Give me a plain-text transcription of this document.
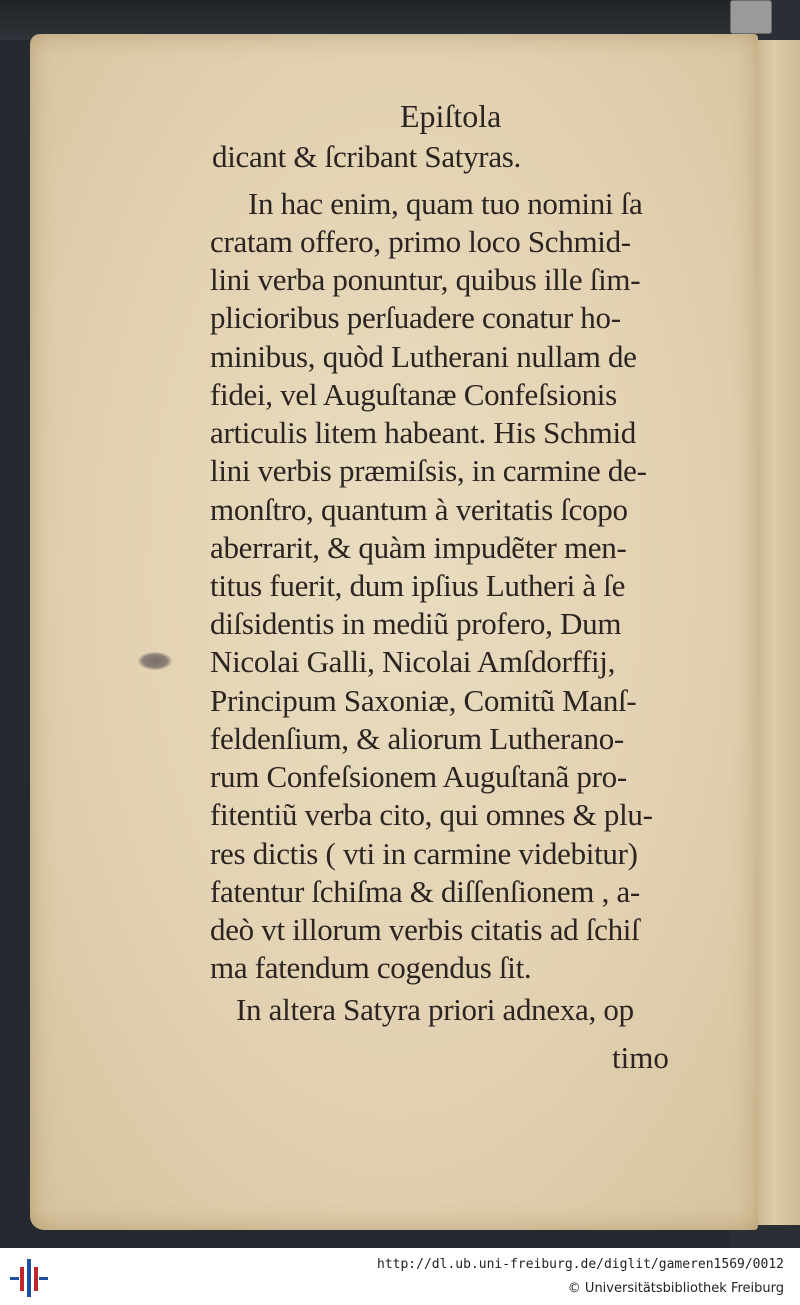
Epiſtola
dicant & ſcribant Satyras.
In hac enim, quam tuo nomini ſa
cratam offero, primo loco Schmid-
lini verba ponuntur, quibus ille ſim-
plicioribus perſuadere conatur ho-
minibus, quòd Lutherani nullam de
fidei, vel Auguſtanæ Confeſsionis
articulis litem habeant. His Schmid
lini verbis præmiſsis, in carmine de-
monſtro, quantum à veritatis ſcopo
aberrarit, & quàm impudẽter men-
titus fuerit, dum ipſius Lutheri à ſe
diſsidentis in mediũ profero, Dum
Nicolai Galli, Nicolai Amſdorffij,
Principum Saxoniæ, Comitũ Manſ-
feldenſium, & aliorum Lutherano-
rum Confeſsionem Auguſtanã pro-
fitentiũ verba cito, qui omnes & plu-
res dictis ( vti in carmine videbitur)
fatentur ſchiſma & diſſenſionem , a-
deò vt illorum verbis citatis ad ſchiſ
ma fatendum cogendus ſit.
In altera Satyra priori adnexa, op
timo
http://dl.ub.uni-freiburg.de/diglit/gameren1569/0012
© Universitätsbibliothek Freiburg
